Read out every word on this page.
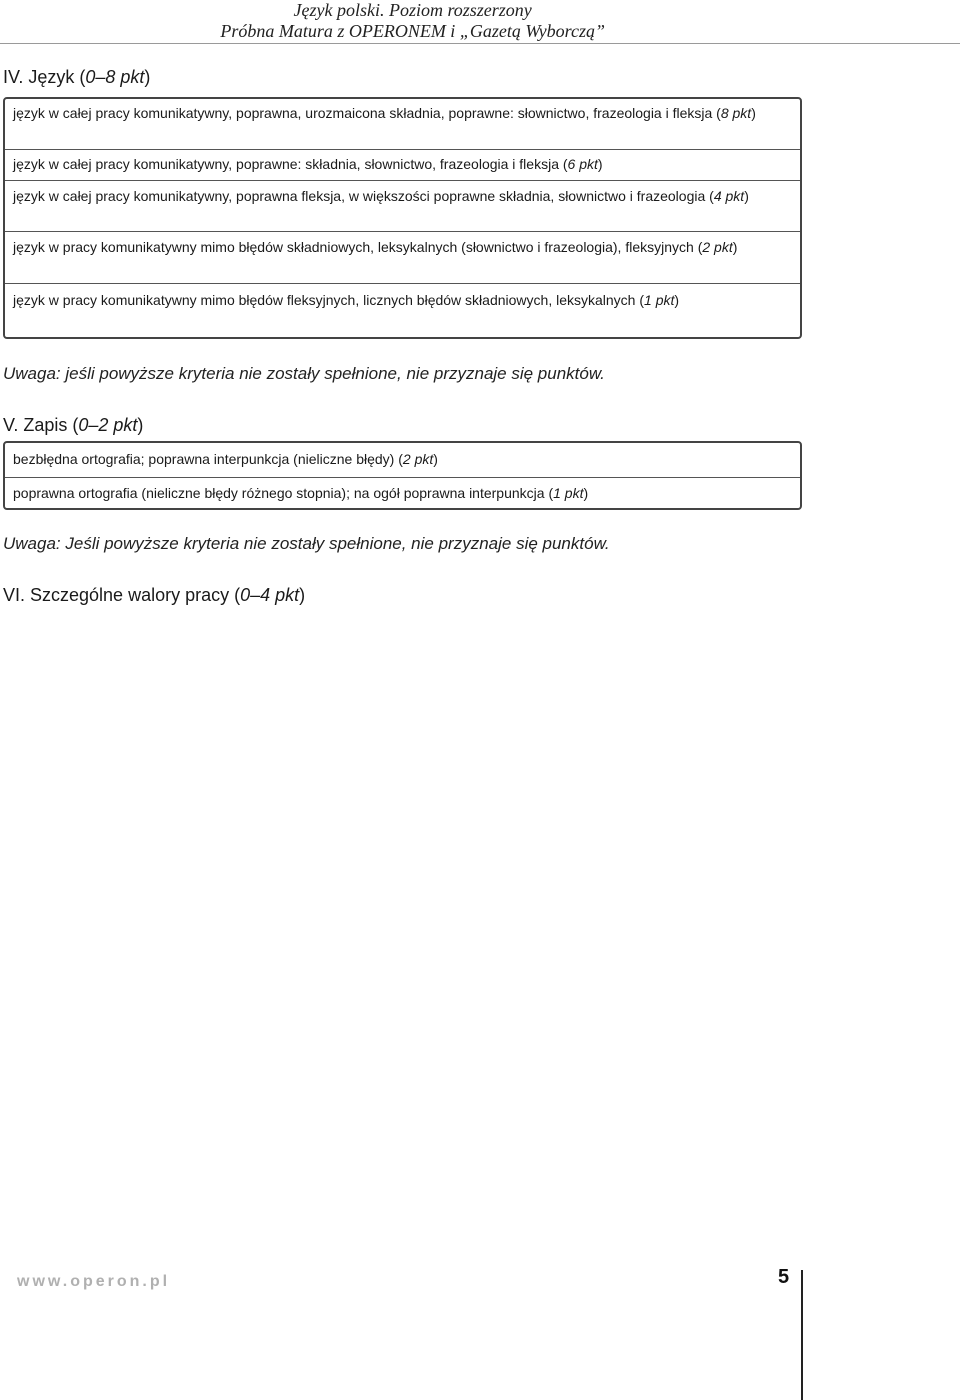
Język polski. Poziom rozszerzony
Próbna Matura z OPERONEM i „Gazetą Wyborczą”
IV. Język (0–8 pkt)
język w całej pracy komunikatywny, poprawna, urozmaicona składnia, poprawne: słownictwo, frazeologia i fleksja (8 pkt)
język w całej pracy komunikatywny, poprawne: składnia, słownictwo, frazeologia i fleksja (6 pkt)
język w całej pracy komunikatywny, poprawna fleksja, w większości poprawne składnia, słownictwo i frazeologia (4 pkt)
język w pracy komunikatywny mimo błędów składniowych, leksykalnych (słownictwo i frazeologia), fleksyjnych (2 pkt)
język w pracy komunikatywny mimo błędów fleksyjnych, licznych błędów składniowych, leksykalnych (1 pkt)
Uwaga: jeśli powyższe kryteria nie zostały spełnione, nie przyznaje się punktów.
V. Zapis (0–2 pkt)
bezbłędna ortografia; poprawna interpunkcja (nieliczne błędy) (2 pkt)
poprawna ortografia (nieliczne błędy różnego stopnia); na ogół poprawna interpunkcja (1 pkt)
Uwaga: Jeśli powyższe kryteria nie zostały spełnione, nie przyznaje się punktów.
VI. Szczególne walory pracy (0–4 pkt)
www.operon.pl	5
